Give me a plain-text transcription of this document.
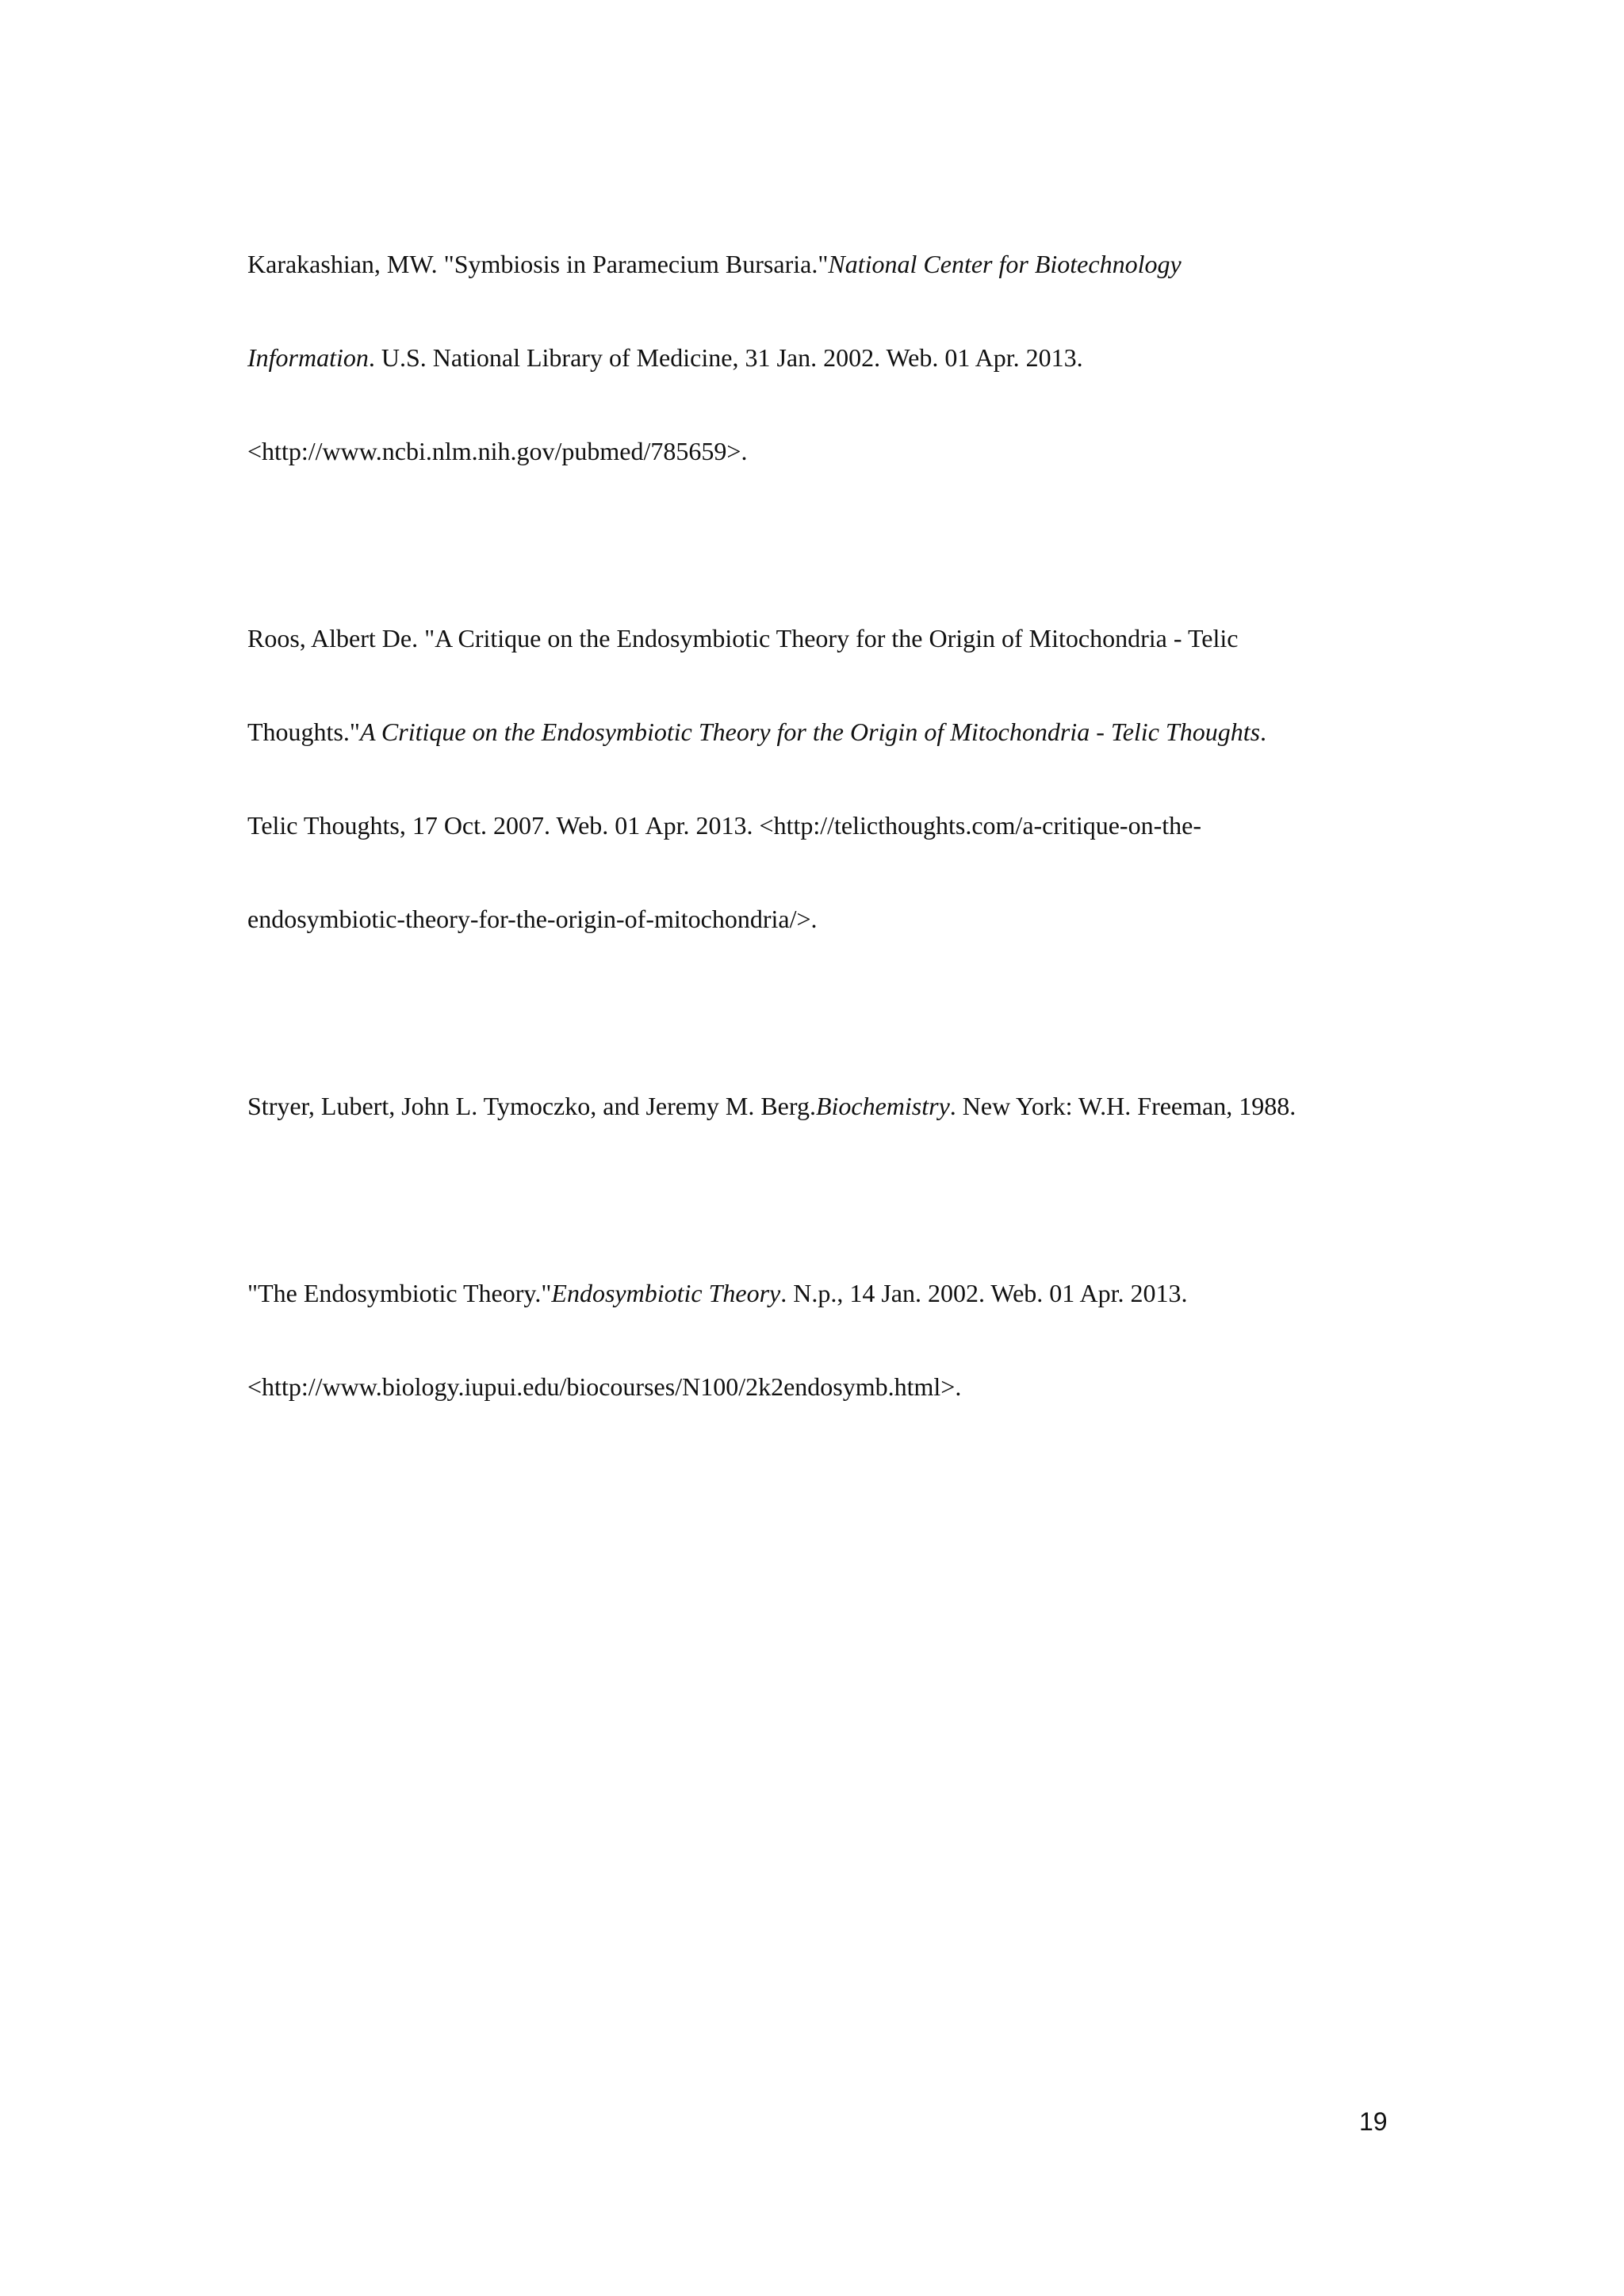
Karakashian, MW. "Symbiosis in Paramecium Bursaria."National Center for Biotechnology
Information. U.S. National Library of Medicine, 31 Jan. 2002. Web. 01 Apr. 2013.
<http://www.ncbi.nlm.nih.gov/pubmed/785659>.

Roos, Albert De. "A Critique on the Endosymbiotic Theory for the Origin of Mitochondria - Telic
Thoughts."A Critique on the Endosymbiotic Theory for the Origin of Mitochondria - Telic Thoughts.
Telic Thoughts, 17 Oct. 2007. Web. 01 Apr. 2013. <http://telicthoughts.com/a-critique-on-the-
endosymbiotic-theory-for-the-origin-of-mitochondria/>.

Stryer, Lubert, John L. Tymoczko, and Jeremy M. Berg.Biochemistry. New York: W.H. Freeman, 1988.

"The Endosymbiotic Theory."Endosymbiotic Theory. N.p., 14 Jan. 2002. Web. 01 Apr. 2013.
<http://www.biology.iupui.edu/biocourses/N100/2k2endosymb.html>.

19
